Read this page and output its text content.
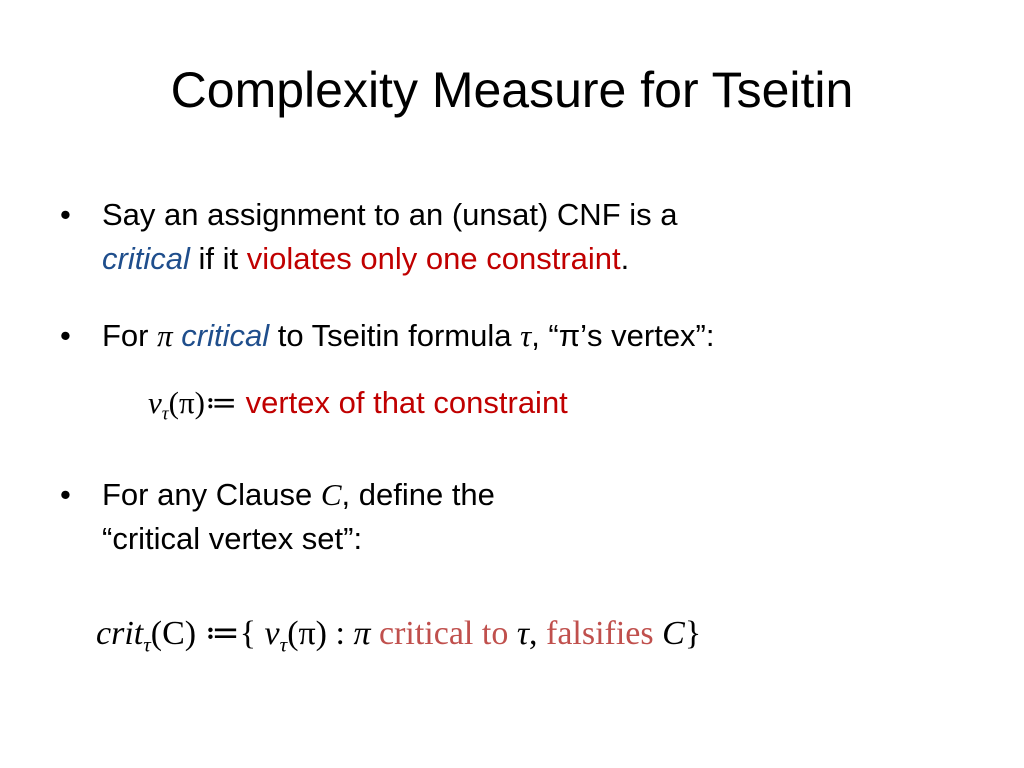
Complexity Measure for Tseitin
•	Say an assignment to an (unsat) CNF is a
critical if it violates only one constraint.
•	For π critical to Tseitin formula τ, “π’s vertex”:
$v_\tau(\pi)≔$ vertex of that constraint
•	For any Clause C, define the
“critical vertex set”:
crit$_\tau$(C) ≔{ $v_\tau(\pi)$ : π critical to τ, falsifies C}
